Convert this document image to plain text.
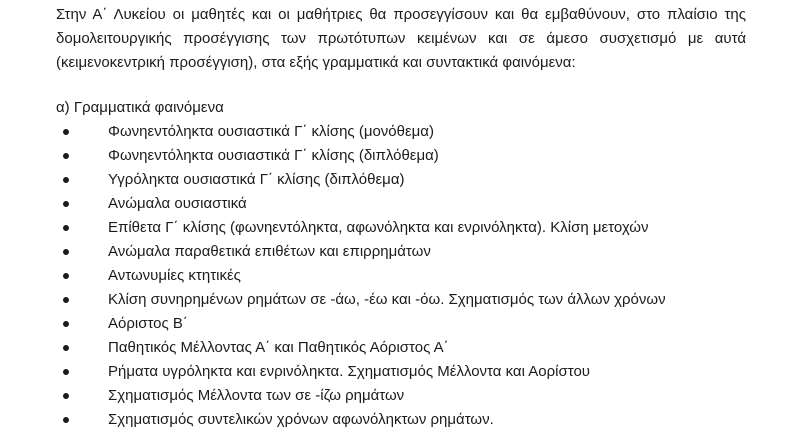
Στην Α΄ Λυκείου οι μαθητές και οι μαθήτριες θα προσεγγίσουν και θα εμβαθύνουν, στο πλαίσιο της

δομολειτουργικής προσέγγισης των πρωτότυπων κειμένων και σε άμεσο συσχετισμό με αυτά

(κειμενοκεντρική προσέγγιση), στα εξής γραμματικά και συντακτικά φαινόμενα:

α) Γραμματικά φαινόμενα

Φωνηεντόληκτα ουσιαστικά Γ΄ κλίσης (μονόθεμα)
Φωνηεντόληκτα ουσιαστικά Γ΄ κλίσης (διπλόθεμα)
Υγρόληκτα ουσιαστικά Γ΄ κλίσης (διπλόθεμα)
Ανώμαλα ουσιαστικά
Επίθετα Γ΄ κλίσης (φωνηεντόληκτα, αφωνόληκτα και ενρινόληκτα). Κλίση μετοχών
Ανώμαλα παραθετικά επιθέτων και επιρρημάτων
Αντωνυμίες κτητικές
Κλίση συνηρημένων ρημάτων σε -άω, -έω και -όω. Σχηματισμός των άλλων χρόνων
Αόριστος Β΄
Παθητικός Μέλλοντας Α΄ και Παθητικός Αόριστος Α΄
Ρήματα υγρόληκτα και ενρινόληκτα. Σχηματισμός Μέλλοντα και Αορίστου
Σχηματισμός Μέλλοντα των σε -ίζω ρημάτων
Σχηματισμός συντελικών χρόνων αφωνόληκτων ρημάτων.
